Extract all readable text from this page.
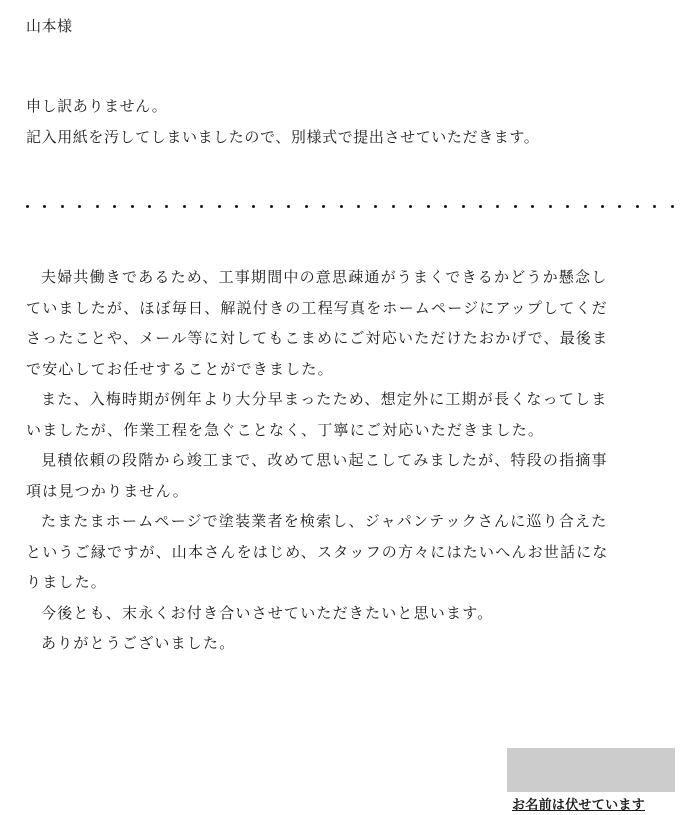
山本様

申し訳ありません。

記入用紙を汚してしまいましたので、別様式で提出させていただきます。

夫婦共働きであるため、工事期間中の意思疎通がうまくできるかどうか懸念し

ていましたが、ほぼ毎日、解説付きの工程写真をホームページにアップしてくだ

さったことや、メール等に対してもこまめにご対応いただけたおかげで、最後ま

で安心してお任せすることができました。

また、入梅時期が例年より大分早まったため、想定外に工期が長くなってしま

いましたが、作業工程を急ぐことなく、丁寧にご対応いただきました。

見積依頼の段階から竣工まで、改めて思い起こしてみましたが、特段の指摘事

項は見つかりません。

たまたまホームページで塗装業者を検索し、ジャパンテックさんに巡り合えた

というご縁ですが、山本さんをはじめ、スタッフの方々にはたいへんお世話にな

りました。

今後とも、末永くお付き合いさせていただきたいと思います。

ありがとうございました。

お名前は伏せています
